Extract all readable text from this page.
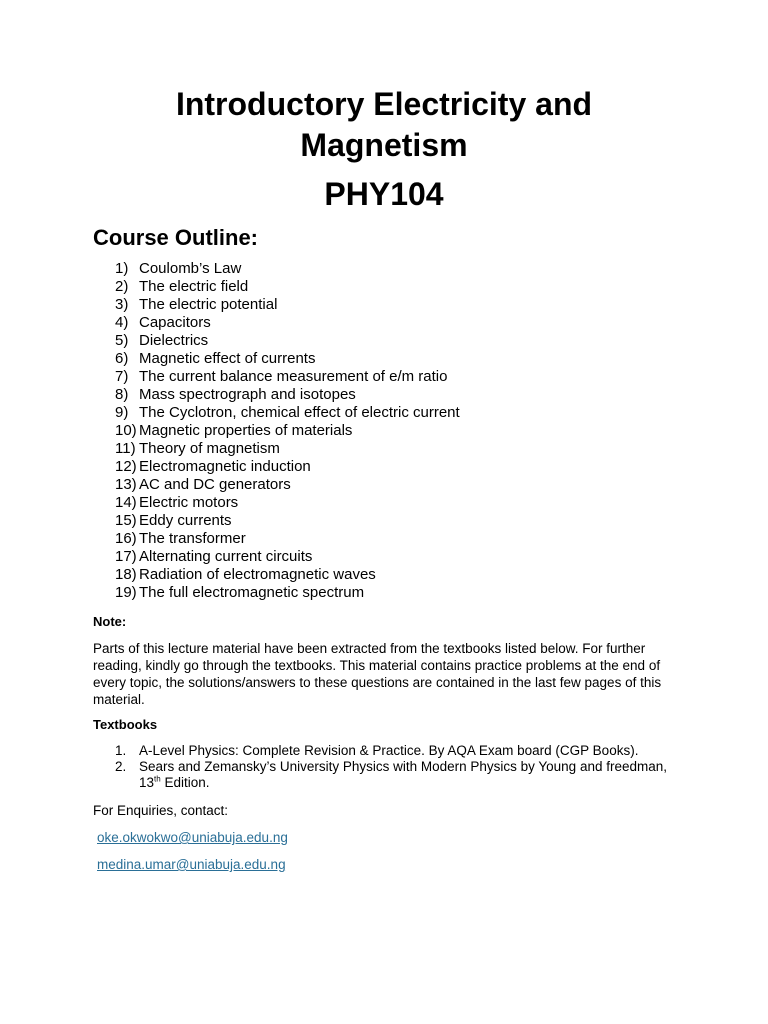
Introductory Electricity and
Magnetism
PHY104
Course Outline:
1) Coulomb’s Law
2) The electric field
3) The electric potential
4) Capacitors
5) Dielectrics
6) Magnetic effect of currents
7) The current balance measurement of e/m ratio
8) Mass spectrograph and isotopes
9) The Cyclotron, chemical effect of electric current
10) Magnetic properties of materials
11) Theory of magnetism
12) Electromagnetic induction
13) AC and DC generators
14) Electric motors
15) Eddy currents
16) The transformer
17) Alternating current circuits
18) Radiation of electromagnetic waves
19) The full electromagnetic spectrum

Note:

Parts of this lecture material have been extracted from the textbooks listed below. For further reading, kindly go through the textbooks. This material contains practice problems at the end of every topic, the solutions/answers to these questions are contained in the last few pages of this material.

Textbooks

1. A-Level Physics: Complete Revision & Practice. By AQA Exam board (CGP Books).
2. Sears and Zemansky’s University Physics with Modern Physics by Young and freedman, 13th Edition.

For Enquiries, contact:

oke.okwokwo@uniabuja.edu.ng
medina.umar@uniabuja.edu.ng
